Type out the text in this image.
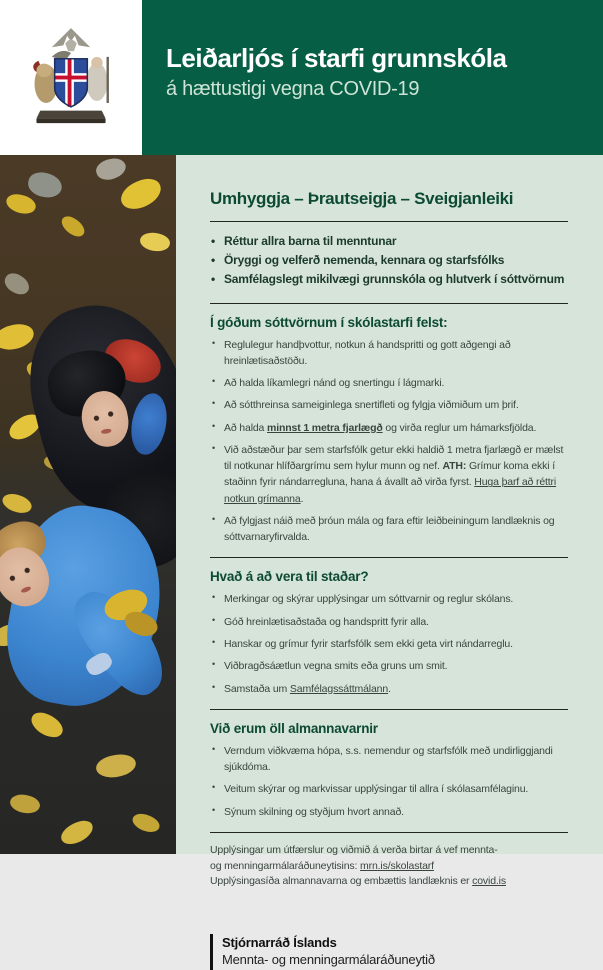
Leiðarljós í starfi grunnskóla
á hættustigi vegna COVID-19
Umhyggja – Þrautseigja – Sveigjanleiki
• Réttur allra barna til menntunar
• Öryggi og velferð nemenda, kennara og starfsfólks
• Samfélagslegt mikilvægi grunnskóla og hlutverk í sóttvörnum
Í góðum sóttvörnum í skólastarfi felst:
• Reglulegur handþvottur, notkun á handspritti og gott aðgengi að hreinlætisaðstöðu.
• Að halda líkamlegri nánd og snertingu í lágmarki.
• Að sótthreinsa sameiginlega snertifleti og fylgja viðmiðum um þrif.
• Að halda minnst 1 metra fjarlægð og virða reglur um hámarksfjölda.
• Við aðstæður þar sem starfsfólk getur ekki haldið 1 metra fjarlægð er mælst til notkunar hlífðargrímu sem hylur munn og nef. ATH: Grímur koma ekki í staðinn fyrir nándarregluna, hana á ávallt að virða fyrst. Huga þarf að réttri notkun grímanna.
• Að fylgjast náið með þróun mála og fara eftir leiðbeiningum landlæknis og sóttvarnaryfirvalda.
Hvað á að vera til staðar?
• Merkingar og skýrar upplýsingar um sóttvarnir og reglur skólans.
• Góð hreinlætisaðstaða og handspritt fyrir alla.
• Hanskar og grímur fyrir starfsfólk sem ekki geta virt nándarreglu.
• Viðbragðsáætlun vegna smits eða gruns um smit.
• Samstaða um Samfélagssáttmálann.
Við erum öll almannavarnir
• Verndum viðkvæma hópa, s.s. nemendur og starfsfólk með undirliggjandi sjúkdóma.
• Veitum skýrar og markvissar upplýsingar til allra í skólasamfélaginu.
• Sýnum skilning og styðjum hvort annað.

Upplýsingar um útfærslur og viðmið á verða birtar á vef mennta-

og menningarmálaráðuneytisins: mrn.is/skolastarf

Upplýsingasíða almannavarna og embættis landlæknis er covid.is

Stjórnarráð Íslands
Mennta- og menningarmálaráðuneytið
